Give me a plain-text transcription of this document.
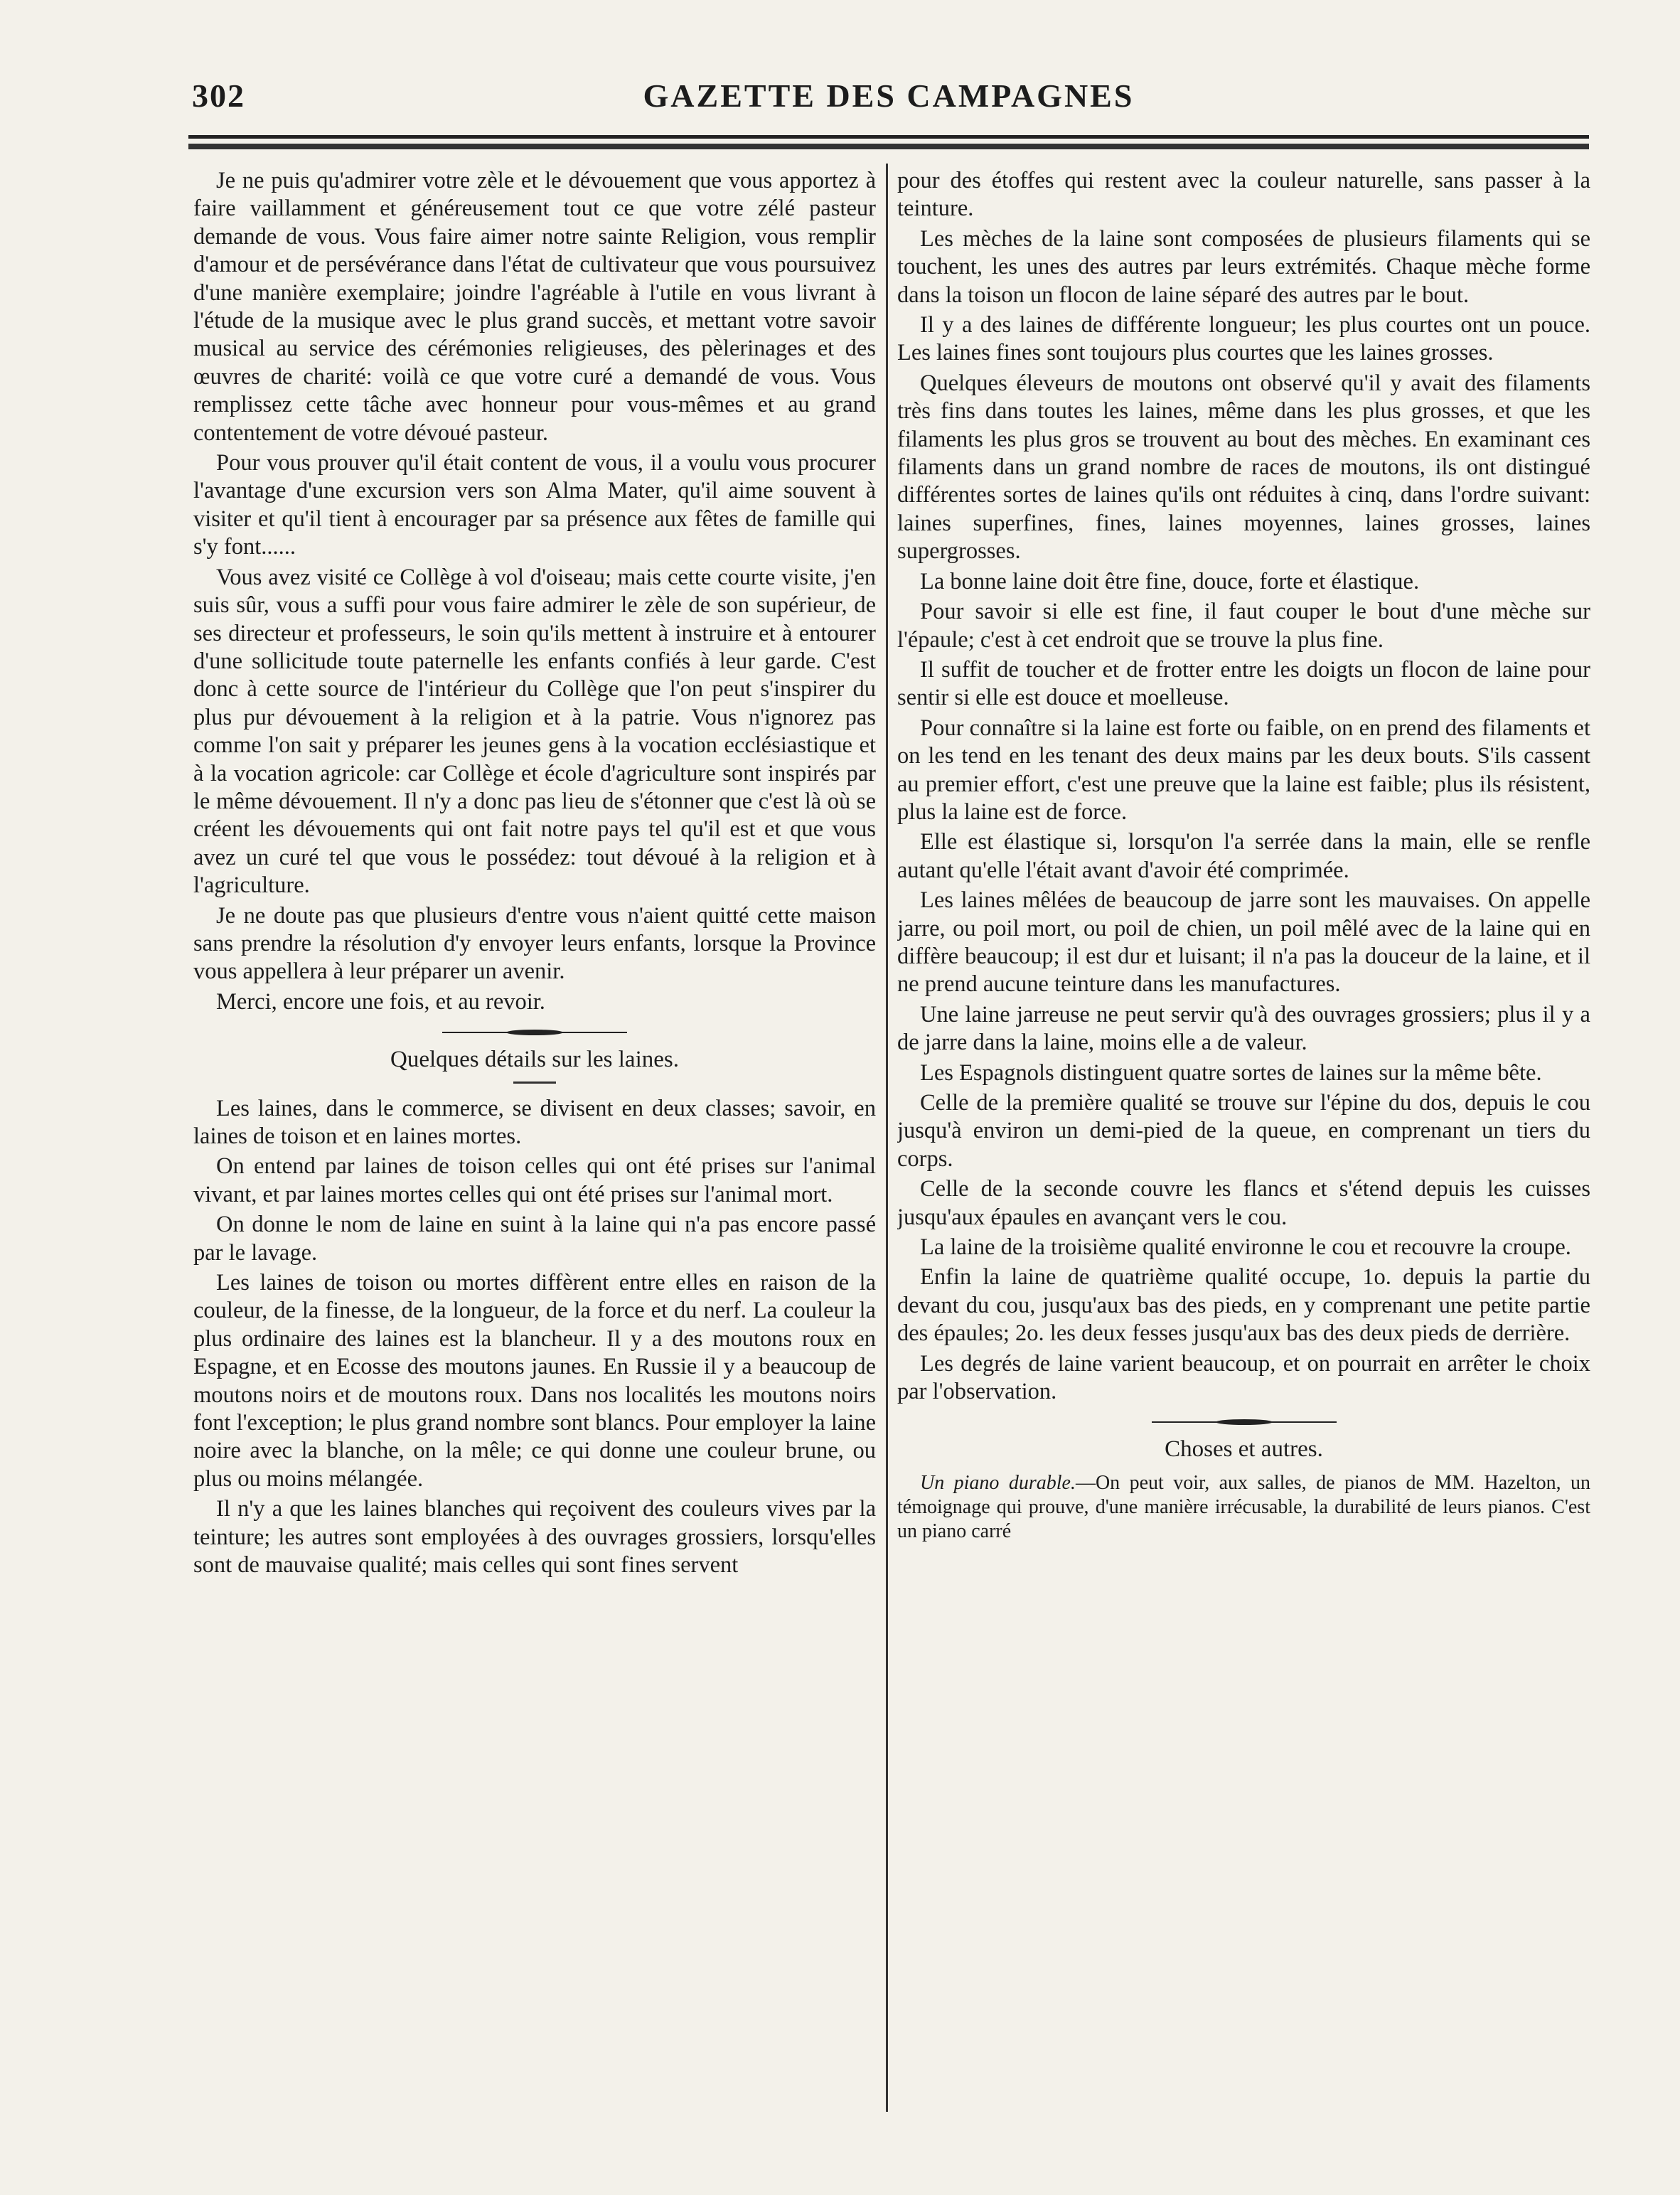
302	GAZETTE DES CAMPAGNES

Je ne puis qu'admirer votre zèle et le dévouement que vous apportez à faire vaillamment et généreusement tout ce que votre zélé pasteur demande de vous. Vous faire aimer notre sainte Religion, vous remplir d'amour et de persévérance dans l'état de cultivateur que vous poursuivez d'une manière exemplaire; joindre l'agréable à l'utile en vous livrant à l'étude de la musique avec le plus grand succès, et mettant votre savoir musical au service des cérémonies religieuses, des pèlerinages et des œuvres de charité: voilà ce que votre curé a demandé de vous. Vous remplissez cette tâche avec honneur pour vous-mêmes et au grand contentement de votre dévoué pasteur.

Pour vous prouver qu'il était content de vous, il a voulu vous procurer l'avantage d'une excursion vers son Alma Mater, qu'il aime souvent à visiter et qu'il tient à encourager par sa présence aux fêtes de famille qui s'y font......

Vous avez visité ce Collège à vol d'oiseau; mais cette courte visite, j'en suis sûr, vous a suffi pour vous faire admirer le zèle de son supérieur, de ses directeur et professeurs, le soin qu'ils mettent à instruire et à entourer d'une sollicitude toute paternelle les enfants confiés à leur garde. C'est donc à cette source de l'intérieur du Collège que l'on peut s'inspirer du plus pur dévouement à la religion et à la patrie. Vous n'ignorez pas comme l'on sait y préparer les jeunes gens à la vocation ecclésiastique et à la vocation agricole: car Collège et école d'agriculture sont inspirés par le même dévouement. Il n'y a donc pas lieu de s'étonner que c'est là où se créent les dévouements qui ont fait notre pays tel qu'il est et que vous avez un curé tel que vous le possédez: tout dévoué à la religion et à l'agriculture.

Je ne doute pas que plusieurs d'entre vous n'aient quitté cette maison sans prendre la résolution d'y envoyer leurs enfants, lorsque la Province vous appellera à leur préparer un avenir.

Merci, encore une fois, et au revoir.

Quelques détails sur les laines.

Les laines, dans le commerce, se divisent en deux classes; savoir, en laines de toison et en laines mortes.

On entend par laines de toison celles qui ont été prises sur l'animal vivant, et par laines mortes celles qui ont été prises sur l'animal mort.

On donne le nom de laine en suint à la laine qui n'a pas encore passé par le lavage.

Les laines de toison ou mortes diffèrent entre elles en raison de la couleur, de la finesse, de la longueur, de la force et du nerf. La couleur la plus ordinaire des laines est la blancheur. Il y a des moutons roux en Espagne, et en Ecosse des moutons jaunes. En Russie il y a beaucoup de moutons noirs et de moutons roux. Dans nos localités les moutons noirs font l'exception; le plus grand nombre sont blancs. Pour employer la laine noire avec la blanche, on la mêle; ce qui donne une couleur brune, ou plus ou moins mélangée.

Il n'y a que les laines blanches qui reçoivent des couleurs vives par la teinture; les autres sont employées à des ouvrages grossiers, lorsqu'elles sont de mauvaise qualité; mais celles qui sont fines servent

pour des étoffes qui restent avec la couleur naturelle, sans passer à la teinture.

Les mèches de la laine sont composées de plusieurs filaments qui se touchent, les unes des autres par leurs extrémités. Chaque mèche forme dans la toison un flocon de laine séparé des autres par le bout.

Il y a des laines de différente longueur; les plus courtes ont un pouce. Les laines fines sont toujours plus courtes que les laines grosses.

Quelques éleveurs de moutons ont observé qu'il y avait des filaments très fins dans toutes les laines, même dans les plus grosses, et que les filaments les plus gros se trouvent au bout des mèches. En examinant ces filaments dans un grand nombre de races de moutons, ils ont distingué différentes sortes de laines qu'ils ont réduites à cinq, dans l'ordre suivant: laines superfines, fines, laines moyennes, laines grosses, laines supergrosses.

La bonne laine doit être fine, douce, forte et élastique.

Pour savoir si elle est fine, il faut couper le bout d'une mèche sur l'épaule; c'est à cet endroit que se trouve la plus fine.

Il suffit de toucher et de frotter entre les doigts un flocon de laine pour sentir si elle est douce et moelleuse.

Pour connaître si la laine est forte ou faible, on en prend des filaments et on les tend en les tenant des deux mains par les deux bouts. S'ils cassent au premier effort, c'est une preuve que la laine est faible; plus ils résistent, plus la laine est de force.

Elle est élastique si, lorsqu'on l'a serrée dans la main, elle se renfle autant qu'elle l'était avant d'avoir été comprimée.

Les laines mêlées de beaucoup de jarre sont les mauvaises. On appelle jarre, ou poil mort, ou poil de chien, un poil mêlé avec de la laine qui en diffère beaucoup; il est dur et luisant; il n'a pas la douceur de la laine, et il ne prend aucune teinture dans les manufactures.

Une laine jarreuse ne peut servir qu'à des ouvrages grossiers; plus il y a de jarre dans la laine, moins elle a de valeur.

Les Espagnols distinguent quatre sortes de laines sur la même bête.

Celle de la première qualité se trouve sur l'épine du dos, depuis le cou jusqu'à environ un demi-pied de la queue, en comprenant un tiers du corps.

Celle de la seconde couvre les flancs et s'étend depuis les cuisses jusqu'aux épaules en avançant vers le cou.

La laine de la troisième qualité environne le cou et recouvre la croupe.

Enfin la laine de quatrième qualité occupe, 1o. depuis la partie du devant du cou, jusqu'aux bas des pieds, en y comprenant une petite partie des épaules; 2o. les deux fesses jusqu'aux bas des deux pieds de derrière.

Les degrés de laine varient beaucoup, et on pourrait en arrêter le choix par l'observation.

Choses et autres.

Un piano durable.—On peut voir, aux salles, de pianos de MM. Hazelton, un témoignage qui prouve, d'une manière irrécusable, la durabilité de leurs pianos. C'est un piano carré
